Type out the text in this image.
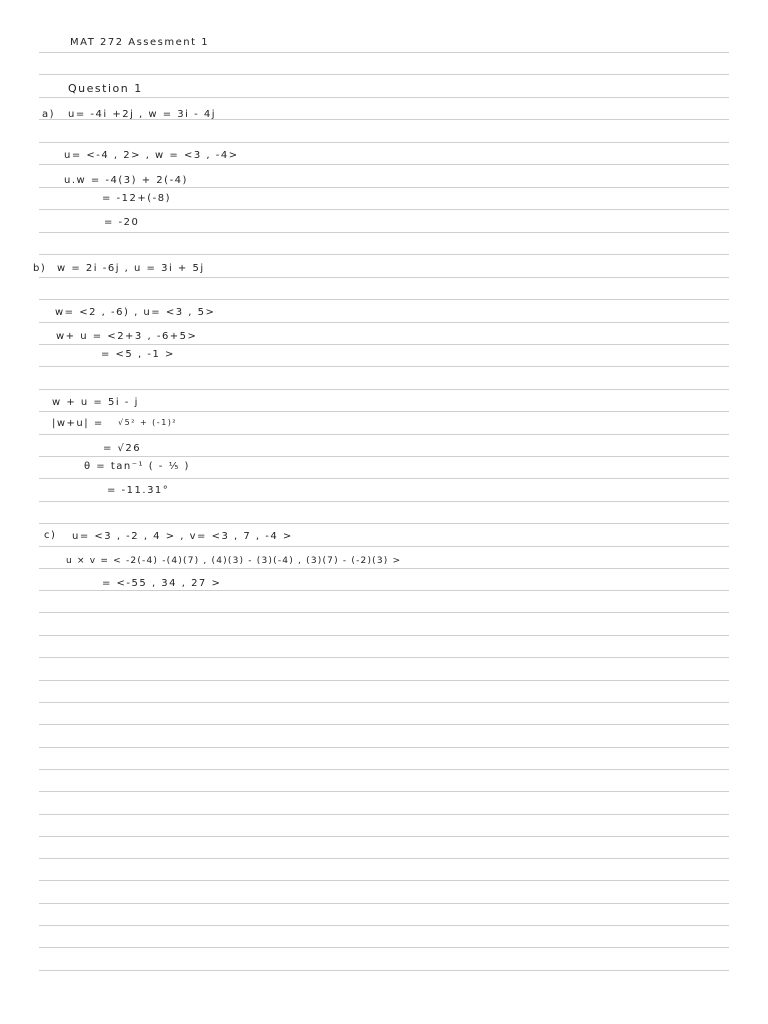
MAT 272 Assesment 1
Question 1
a) u= -4i +2j , w = 3i - 4j
u= <-4 , 2> , w = <3 , -4>
u.w = -4(3) + 2(-4)
= -12+(-8)
= -20
b) w = 2i -6j , u = 3i + 5j
w= <2 , -6) , u= <3 , 5>
w+ u = <2+3 , -6+5>
= <5 , -1 >
w + u = 5i - j
|w+u| = √5² + (-1)²
= √26
θ = tan⁻¹ ( - ⅕ )
= -11.31°
c) u= <3 , -2 , 4 > , v= <3 , 7 , -4 >
u × v = < -2(-4) -(4)(7) , (4)(3) - (3)(-4) , (3)(7) - (-2)(3) >
= <-55 , 34 , 27 >
